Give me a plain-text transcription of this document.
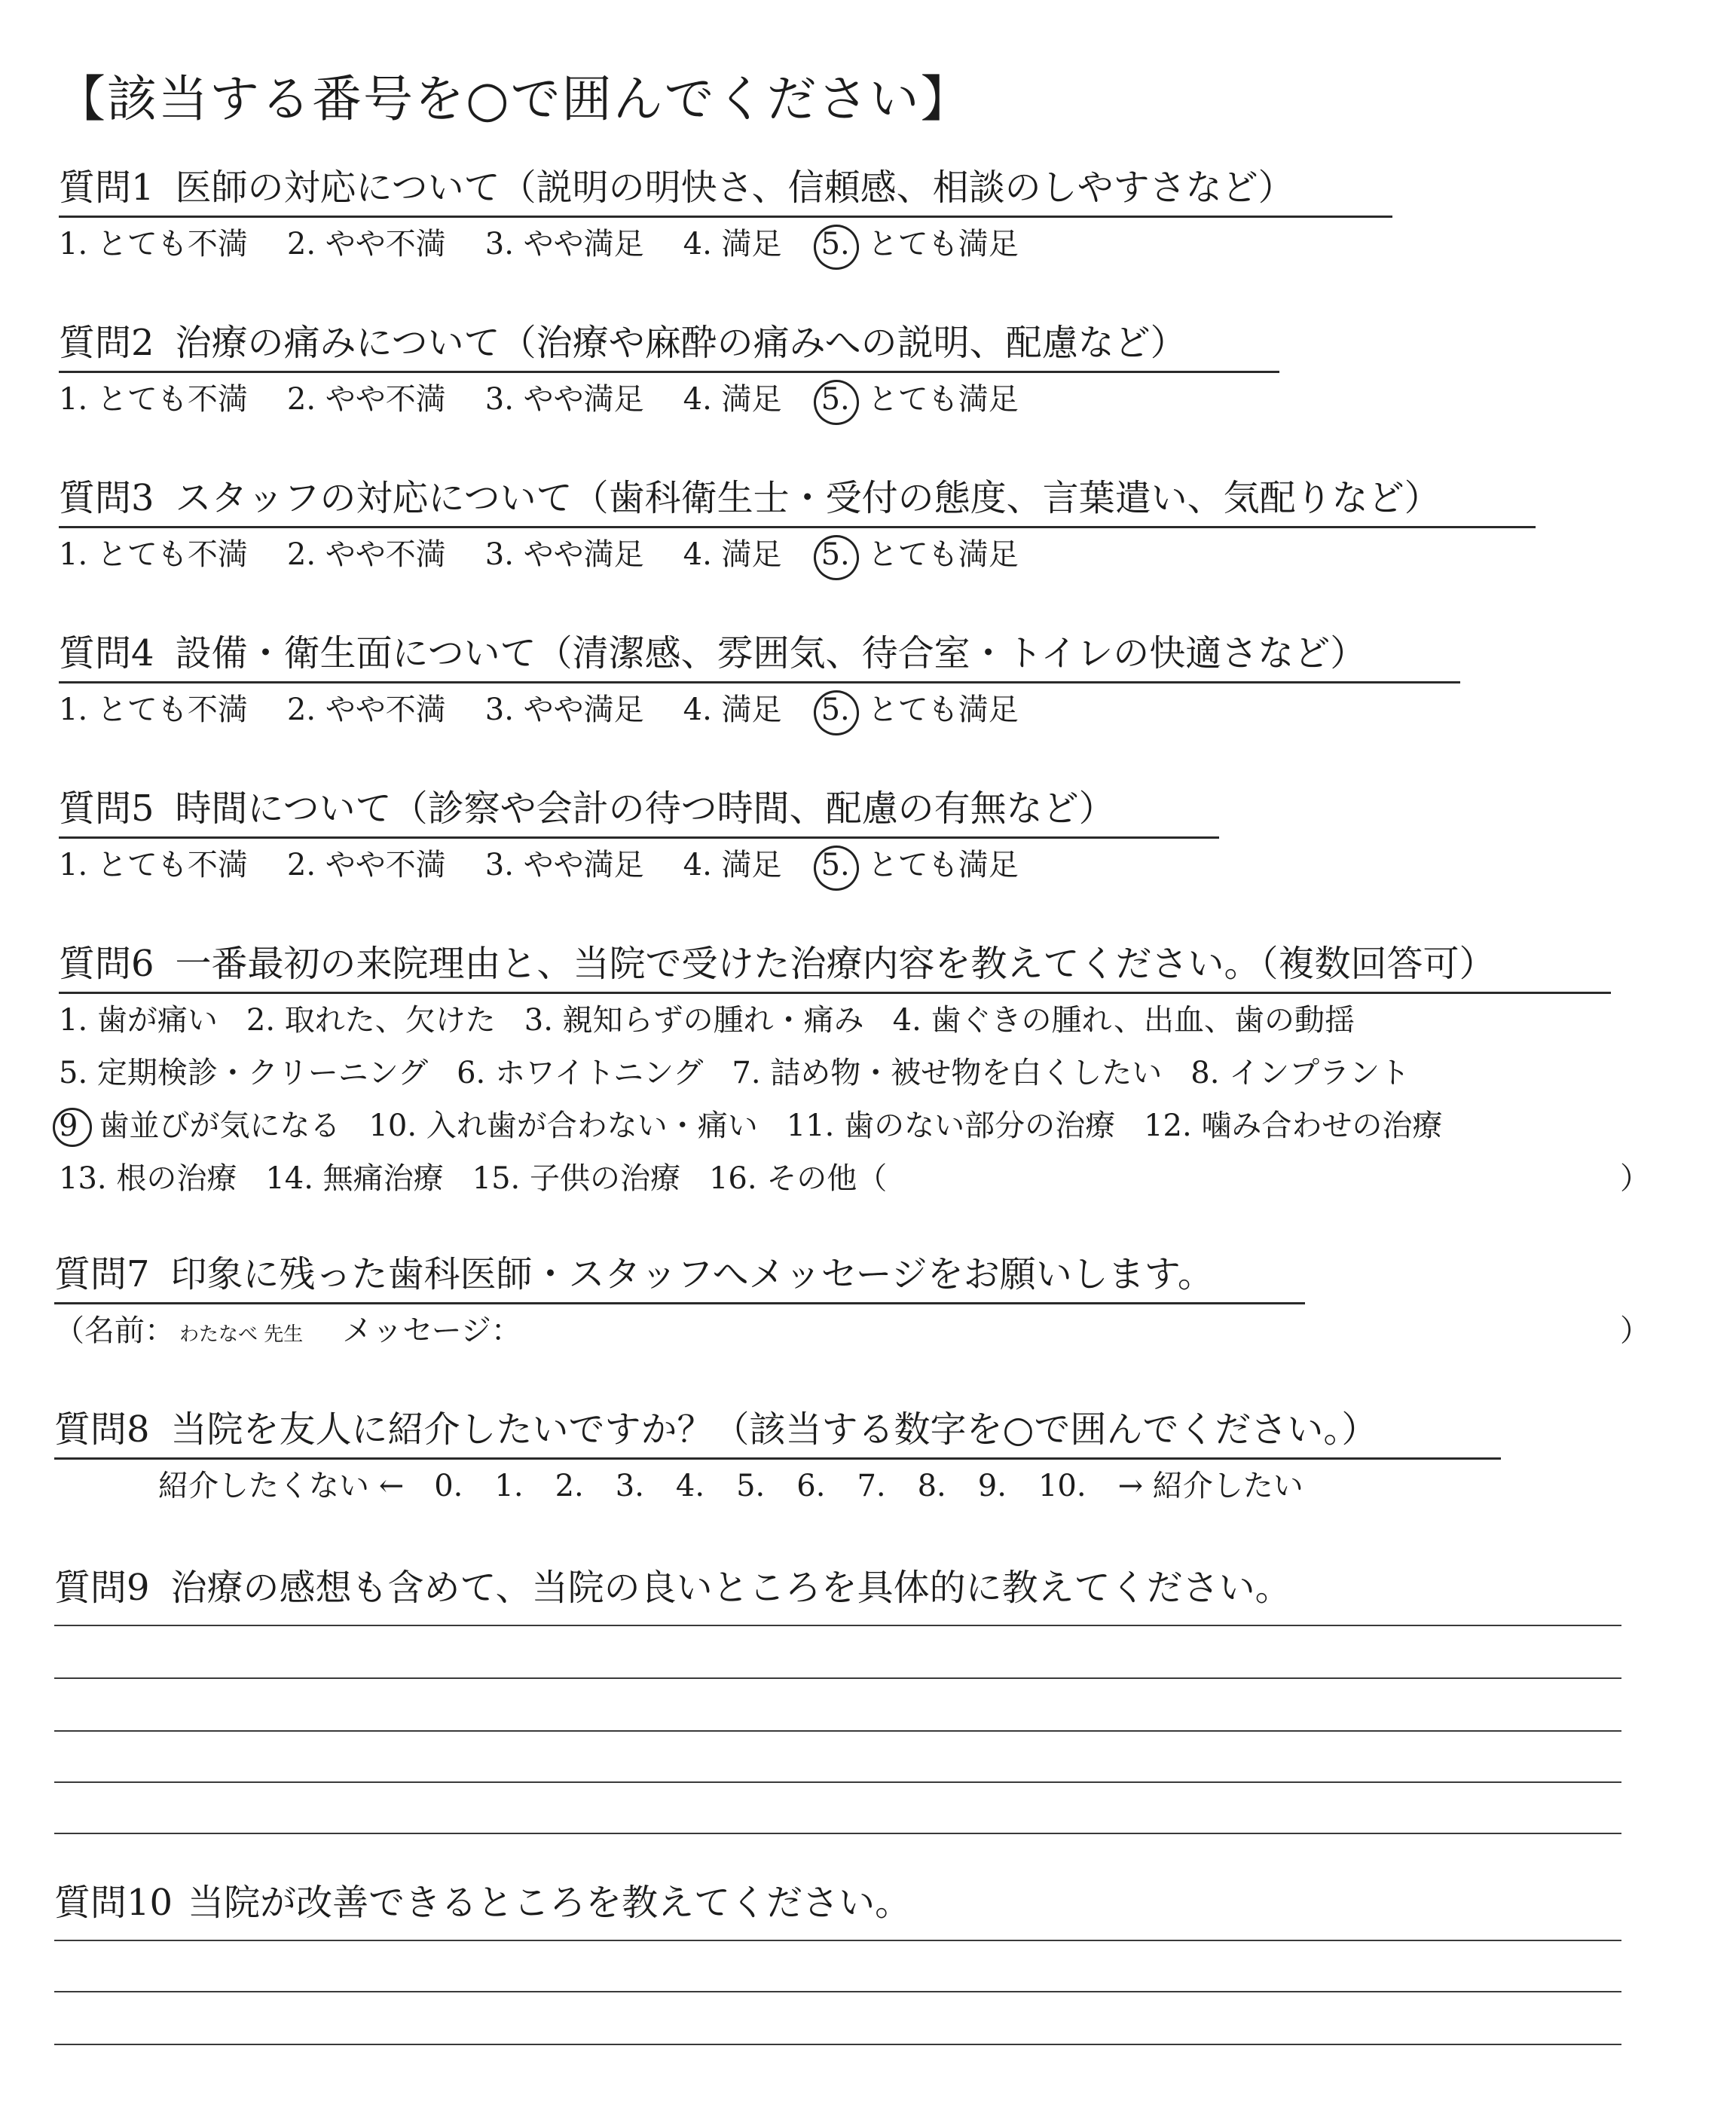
【該当する番号を○で囲んでください】
質問1 医師の対応について（説明の明快さ、信頼感、相談のしやすさなど）
1. とても不満 2. やや不満 3. やや満足 4. 満足 5. とても満足
質問2 治療の痛みについて（治療や麻酔の痛みへの説明、配慮など）
1. とても不満 2. やや不満 3. やや満足 4. 満足 5. とても満足
質問3 スタッフの対応について（歯科衛生士・受付の態度、言葉遣い、気配りなど）
1. とても不満 2. やや不満 3. やや満足 4. 満足 5. とても満足
質問4 設備・衛生面について（清潔感、雰囲気、待合室・トイレの快適さなど）
1. とても不満 2. やや不満 3. やや満足 4. 満足 5. とても満足
質問5 時間について（診察や会計の待つ時間、配慮の有無など）
1. とても不満 2. やや不満 3. やや満足 4. 満足 5. とても満足
質問6 一番最初の来院理由と、当院で受けた治療内容を教えてください。（複数回答可）
1. 歯が痛い 2. 取れた、欠けた 3. 親知らずの腫れ・痛み 4. 歯ぐきの腫れ、出血、歯の動揺
5. 定期検診・クリーニング 6. ホワイトニング 7. 詰め物・被せ物を白くしたい 8. インプラント
9 歯並びが気になる 10. 入れ歯が合わない・痛い 11. 歯のない部分の治療 12. 噛み合わせの治療
13. 根の治療 14. 無痛治療 15. 子供の治療 16. その他（	）
質問7 印象に残った歯科医師・スタッフへメッセージをお願いします。
（名前： わたなべ 先生 メッセージ：	）
質問8 当院を友人に紹介したいですか？（該当する数字を○で囲んでください。）
紹介したくない ← 0. 1. 2. 3. 4. 5. 6. 7. 8. 9. 10. → 紹介したい
質問9 治療の感想も含めて、当院の良いところを具体的に教えてください。
質問10 当院が改善できるところを教えてください。
